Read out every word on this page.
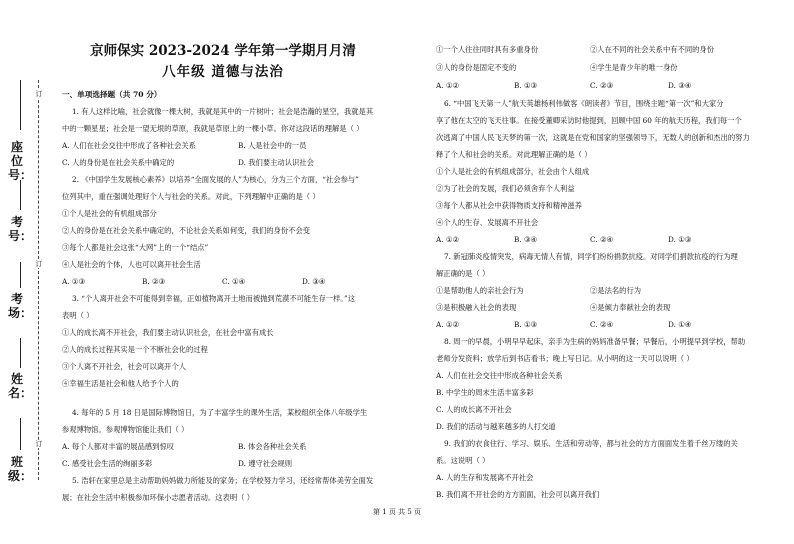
订
订
订
座位号：
考号：
考场：
姓名：
班级：
京师保实 2023-2024 学年第一学期月月清
八年级 道德与法治
一、单项选择题（共 70 分）
1. 有人这样比喻，社会就像一棵大树，我就是其中的一片树叶；社会是浩瀚的星空，我就是其
中的一颗星星；社会是一望无垠的草原，我就是草原上的一棵小草。你对这段话的理解是（ ）
A. 人们在社会交往中形成了各种社会关系	B. 人是社会中的一员
C. 人的身份是在社会关系中确定的	D. 我们要主动认识社会
2. 《中国学生发展核心素养》以培养“全面发展的人”为核心，分为三个方面，“社会参与”
位列其中，重在强调处理好个人与社会的关系。对此，下列理解中正确的是（ ）
①个人是社会的有机组成部分
②人的身份是在社会关系中确定的，不论社会关系如何变，我们的身份不会变
③每个人都是社会这张“大网”上的一个“结点”
④人是社会的个体，人也可以离开社会生活
A. ①③	B. ②③	C. ①④	D. ③④
3. “个人离开社会不可能得到幸福，正如植物离开土地而被抛到荒漠不可能生存一样。”这
表明（ ）
①人的成长离不开社会，我们要主动认识社会，在社会中富有成长
②人的成长过程其实是一个不断社会化的过程
③个人离不开社会，社会可以离开个人
④幸福生活是社会和他人给予个人的
4. 每年的 5 月 18 日是国际博物馆日，为了丰富学生的课外生活，某校组织全体八年级学生
参观博物馆。参观博物馆能让我们（ ）
A. 每个人都对丰富的展品感到惊叹	B. 体会各种社会关系
C. 感受社会生活的绚丽多彩	D. 遵守社会规则
5. 浩轩在家里总是主动帮助妈妈做力所能及的家务；在学校努力学习，还经常帮体美劳全面发
展；在社会生活中积极参加环保小志愿者活动。这表明（ ）
①一个人往往同时具有多重身份	②人在不同的社会关系中有不同的身份
③人的身份是固定不变的	④学生是青少年的唯一身份
A. ①②	B. ①③	C. ②③	D. ③④
6. “中国飞天第一人”航天英雄杨利伟做客《朗读者》节目，围绕主题“第一次”和大家分
享了他在太空的飞天往事。在接受董卿采访时他提到，回顾中国 60 年的航天历程，我们每一个
次逃离了中国人民飞天梦的第一次，这就是在党和国家的坚强领导下，无数人的创新和杰出的努力
释了个人和社会的关系。对此理解正确的是（ ）
①个人是社会的有机组成部分，社会由个人组成
②为了社会的发展，我们必须舍弃个人利益
③每个人都从社会中获得物质支持和精神滋养
④个人的生存、发展离不开社会
A. ①②	B. ③④	C. ②④	D. ①③
7. 新冠肺炎疫情突发，病毒无情人有情，同学们纷纷捐款抗疫。对同学们捐款抗疫的行为理
解正确的是（ ）
①是帮助他人的亲社会行为	②是法名的行为
③是积极融入社会的表现	④是倾力奉献社会的表现
A. ①②	B. ①③	C. ②④	D. ①④
8. 周一的早晨，小明早早起床，亲手为生病的妈妈准备早餐；早餐后，小明提早到学校，帮助
老师分发资料；放学后到书店看书；晚上写日记。从小明的这一天可以说明（ ）
A. 人们在社会交往中形成各种社会关系
B. 中学生的周末生活丰富多彩
C. 人的成长离不开社会
D. 我们的活动与越来越多的人打交道
9. 我们的衣食住行、学习、娱乐、生活和劳动等，都与社会的方方面面发生着千丝万缕的关
系。这说明（ ）
A. 人的生存和发展离不开社会
B. 我们离不开社会的方方面面，社会可以离开我们
第 1 页 共 5 页
